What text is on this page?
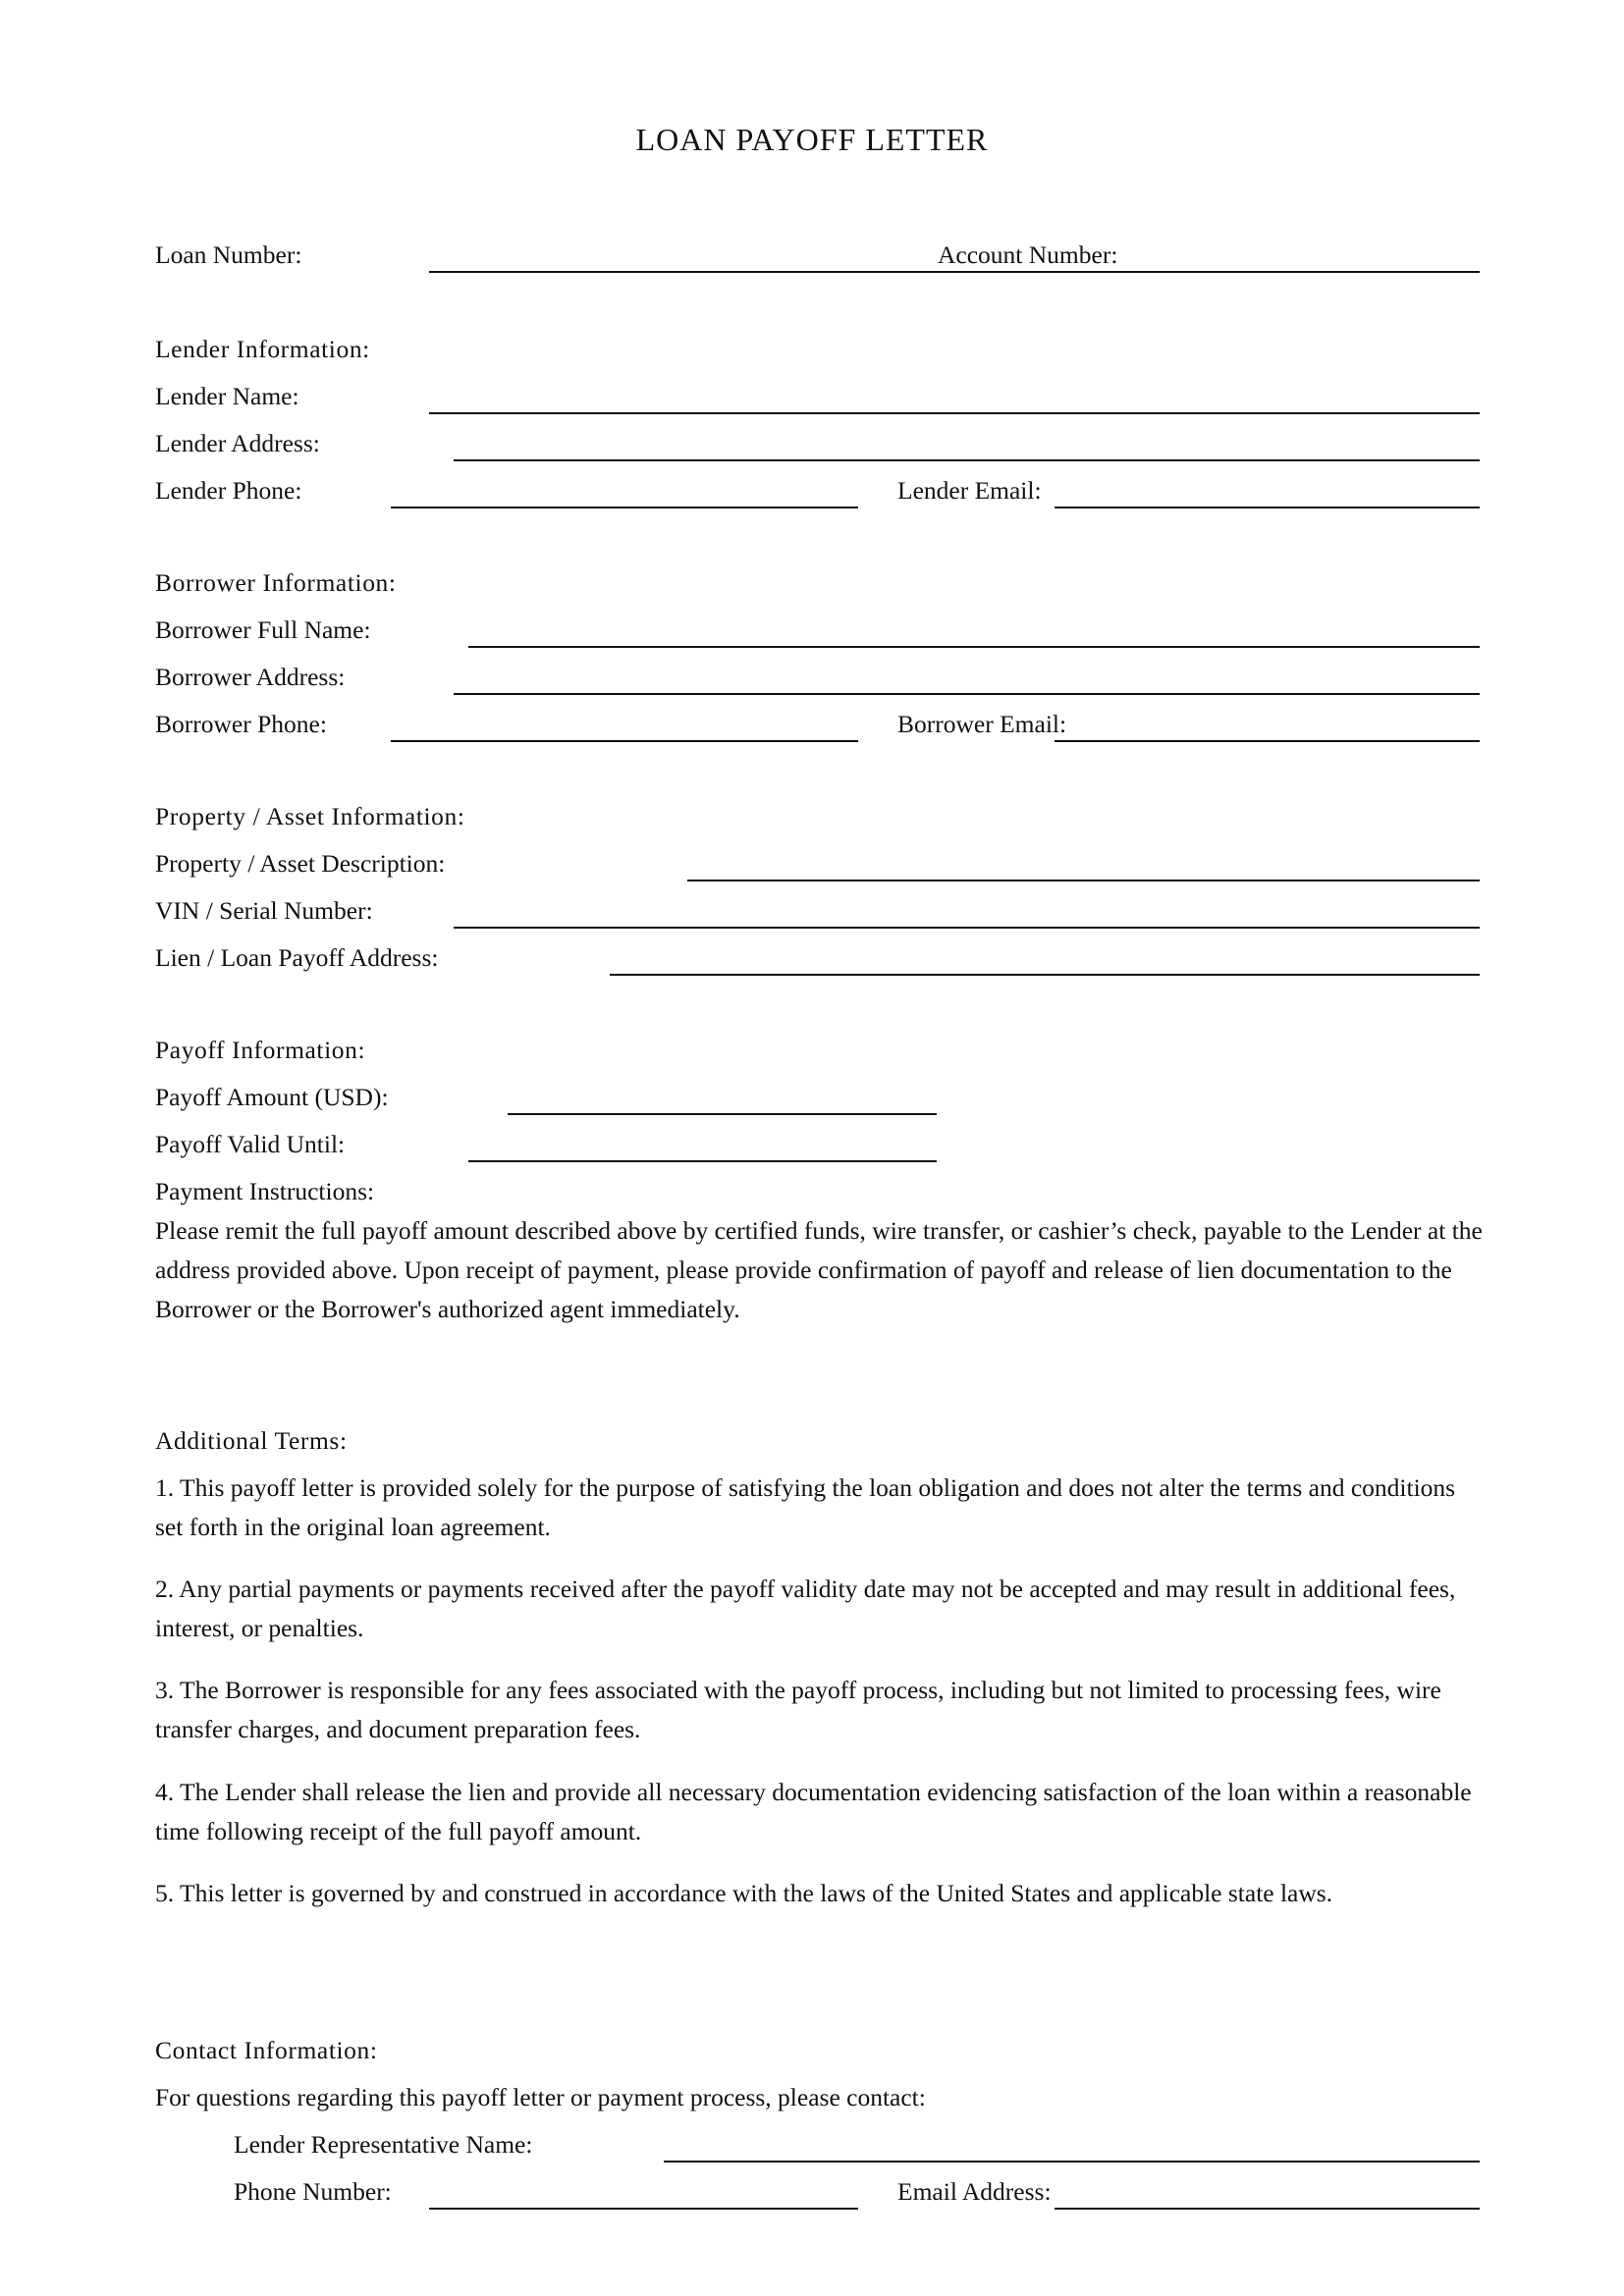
LOAN PAYOFF LETTER
Loan Number:	Account Number:
Lender Information:
Lender Name:
Lender Address:
Lender Phone:	Lender Email:
Borrower Information:
Borrower Full Name:
Borrower Address:
Borrower Phone:	Borrower Email:
Property / Asset Information:
Property / Asset Description:
VIN / Serial Number:
Lien / Loan Payoff Address:
Payoff Information:
Payoff Amount (USD):
Payoff Valid Until:
Payment Instructions:
Please remit the full payoff amount described above by certified funds, wire transfer, or cashier’s check, payable to the Lender at the address provided above. Upon receipt of payment, please provide confirmation of payoff and release of lien documentation to the Borrower or the Borrower's authorized agent immediately.
Additional Terms:
1. This payoff letter is provided solely for the purpose of satisfying the loan obligation and does not alter the terms and conditions set forth in the original loan agreement.
2. Any partial payments or payments received after the payoff validity date may not be accepted and may result in additional fees, interest, or penalties.
3. The Borrower is responsible for any fees associated with the payoff process, including but not limited to processing fees, wire transfer charges, and document preparation fees.
4. The Lender shall release the lien and provide all necessary documentation evidencing satisfaction of the loan within a reasonable time following receipt of the full payoff amount.
5. This letter is governed by and construed in accordance with the laws of the United States and applicable state laws.
Contact Information:
For questions regarding this payoff letter or payment process, please contact:
Lender Representative Name:
Phone Number:	Email Address:
